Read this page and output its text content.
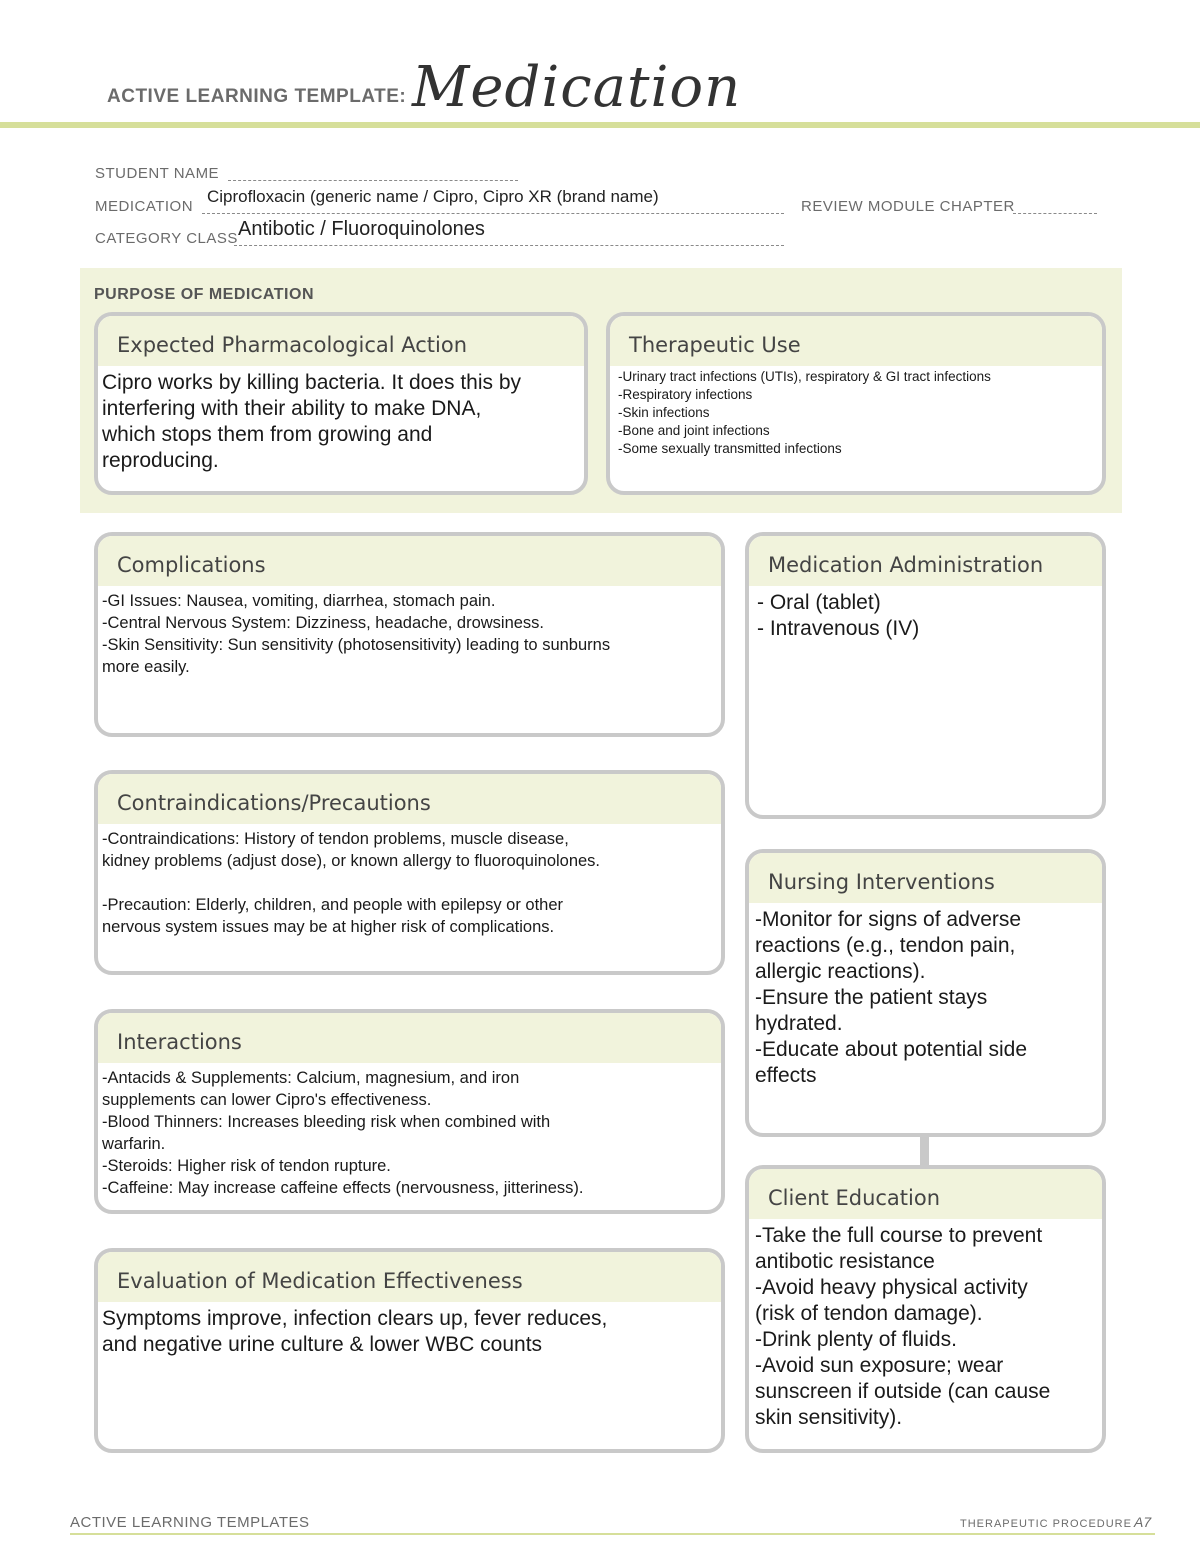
ACTIVE LEARNING TEMPLATE: Medication
STUDENT NAME
MEDICATION
Ciprofloxacin (generic name / Cipro, Cipro XR (brand name)
REVIEW MODULE CHAPTER
CATEGORY CLASS Antibotic / Fluoroquinolones
PURPOSE OF MEDICATION
Expected Pharmacological Action
Cipro works by killing bacteria. It does this by
interfering with their ability to make DNA,
which stops them from growing and
reproducing.
Therapeutic Use
-Urinary tract infections (UTIs), respiratory & GI tract infections
-Respiratory infections
-Skin infections
-Bone and joint infections
-Some sexually transmitted infections
Complications
-GI Issues: Nausea, vomiting, diarrhea, stomach pain.
-Central Nervous System: Dizziness, headache, drowsiness.
-Skin Sensitivity: Sun sensitivity (photosensitivity) leading to sunburns
more easily.
Contraindications/Precautions
-Contraindications: History of tendon problems, muscle disease,
kidney problems (adjust dose), or known allergy to fluoroquinolones.

-Precaution: Elderly, children, and people with epilepsy or other
nervous system issues may be at higher risk of complications.
Interactions
-Antacids & Supplements: Calcium, magnesium, and iron
supplements can lower Cipro's effectiveness.
-Blood Thinners: Increases bleeding risk when combined with
warfarin.
-Steroids: Higher risk of tendon rupture.
-Caffeine: May increase caffeine effects (nervousness, jitteriness).
Evaluation of Medication Effectiveness
Symptoms improve, infection clears up, fever reduces,
and negative urine culture & lower WBC counts
Medication Administration
- Oral (tablet)
- Intravenous (IV)
Nursing Interventions
-Monitor for signs of adverse
reactions (e.g., tendon pain,
allergic reactions).
-Ensure the patient stays
hydrated.
-Educate about potential side
effects
Client Education
-Take the full course to prevent
antibotic resistance
-Avoid heavy physical activity
(risk of tendon damage).
-Drink plenty of fluids.
-Avoid sun exposure; wear
sunscreen if outside (can cause
skin sensitivity).
ACTIVE LEARNING TEMPLATES	THERAPEUTIC PROCEDURE A7
